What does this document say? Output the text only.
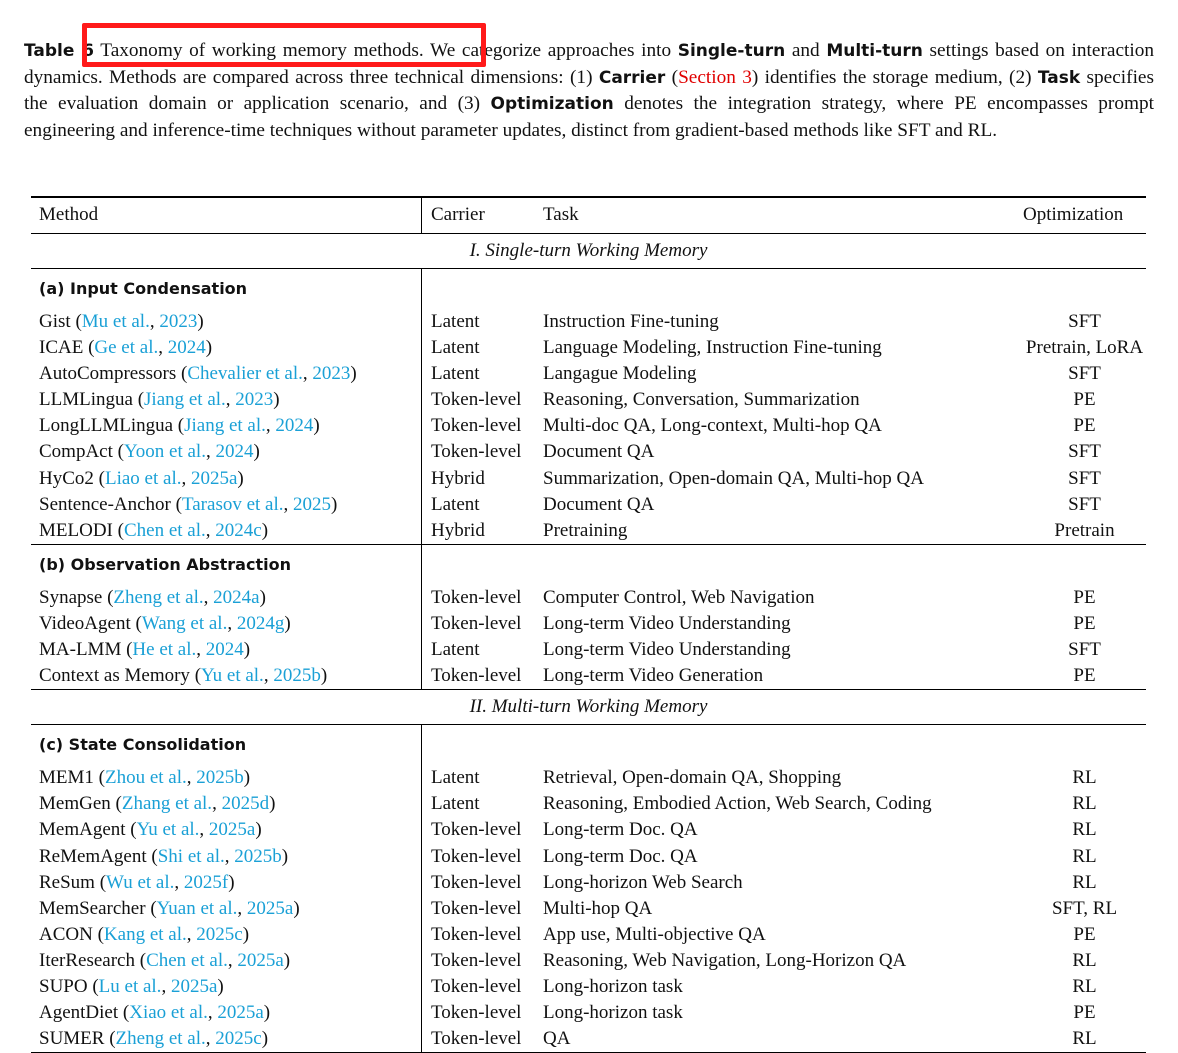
Table 6 Taxonomy of working memory methods. We categorize approaches into Single-turn and Multi-turn settings based on interaction dynamics. Methods are compared across three technical dimensions: (1) Carrier (Section 3) identifies the storage medium, (2) Task specifies the evaluation domain or application scenario, and (3) Optimization denotes the integration strategy, where PE encompasses prompt engineering and inference-time techniques without parameter updates, distinct from gradient-based methods like SFT and RL.
Method	Carrier	Task	Optimization
I. Single-turn Working Memory			
(a) Input Condensation			
Gist (Mu et al., 2023)	Latent	Instruction Fine-tuning	SFT
ICAE (Ge et al., 2024)	Latent	Language Modeling, Instruction Fine-tuning	Pretrain, LoRA
AutoCompressors (Chevalier et al., 2023)	Latent	Langague Modeling	SFT
LLMLingua (Jiang et al., 2023)	Token-level	Reasoning, Conversation, Summarization	PE
LongLLMLingua (Jiang et al., 2024)	Token-level	Multi-doc QA, Long-context, Multi-hop QA	PE
CompAct (Yoon et al., 2024)	Token-level	Document QA	SFT
HyCo2 (Liao et al., 2025a)	Hybrid	Summarization, Open-domain QA, Multi-hop QA	SFT
Sentence-Anchor (Tarasov et al., 2025)	Latent	Document QA	SFT
MELODI (Chen et al., 2024c)	Hybrid	Pretraining	Pretrain
(b) Observation Abstraction			
Synapse (Zheng et al., 2024a)	Token-level	Computer Control, Web Navigation	PE
VideoAgent (Wang et al., 2024g)	Token-level	Long-term Video Understanding	PE
MA-LMM (He et al., 2024)	Latent	Long-term Video Understanding	SFT
Context as Memory (Yu et al., 2025b)	Token-level	Long-term Video Generation	PE
II. Multi-turn Working Memory			
(c) State Consolidation			
MEM1 (Zhou et al., 2025b)	Latent	Retrieval, Open-domain QA, Shopping	RL
MemGen (Zhang et al., 2025d)	Latent	Reasoning, Embodied Action, Web Search, Coding	RL
MemAgent (Yu et al., 2025a)	Token-level	Long-term Doc. QA	RL
ReMemAgent (Shi et al., 2025b)	Token-level	Long-term Doc. QA	RL
ReSum (Wu et al., 2025f)	Token-level	Long-horizon Web Search	RL
MemSearcher (Yuan et al., 2025a)	Token-level	Multi-hop QA	SFT, RL
ACON (Kang et al., 2025c)	Token-level	App use, Multi-objective QA	PE
IterResearch (Chen et al., 2025a)	Token-level	Reasoning, Web Navigation, Long-Horizon QA	RL
SUPO (Lu et al., 2025a)	Token-level	Long-horizon task	RL
AgentDiet (Xiao et al., 2025a)	Token-level	Long-horizon task	PE
SUMER (Zheng et al., 2025c)	Token-level	QA	RL
